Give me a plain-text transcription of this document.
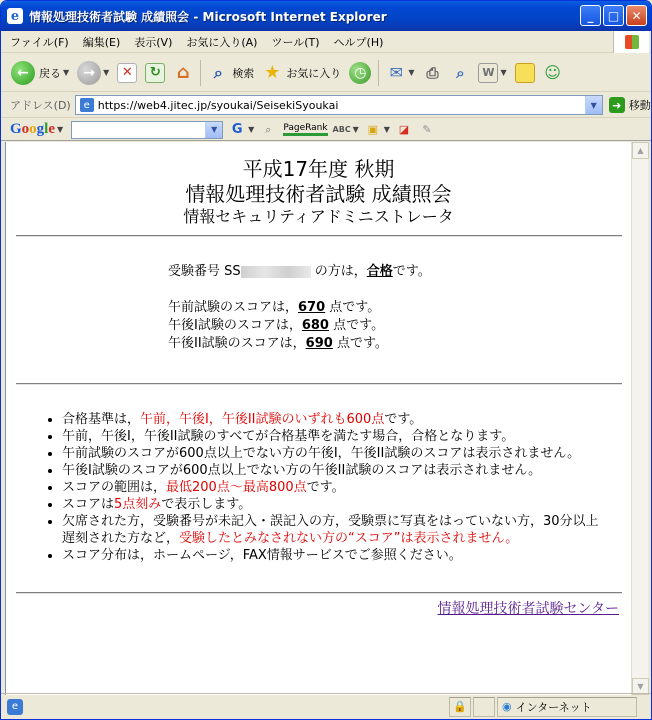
e 情報処理技術者試験 成績照会 - Microsoft Internet Explorer	_	□	✕
ファイル(F)	編集(E)	表示(V)	お気に入り(A)	ツール(T)	ヘルプ(H)
← 戻る ▼	→	▼ ✕	↻ ⌂	⌕ 検索 ★ お気に入り ◷	✉ ▼ ⎙	⌕	W ▼ ☺
アドレス(D)	e https://web4.jitec.jp/syoukai/SeisekiSyoukai	▼	➜ 移動
Google ▼	▼	G ▼ ⌕	PageRank ABC ▼ ▣ ▼ ◪	✎
平成17年度 秋期
情報処理技術者試験 成績照会
情報セキュリティアドミニストレータ
受験番号 SS	の方は，合格です。
午前試験のスコアは，670 点です。
午後I試験のスコアは，680 点です。
午後II試験のスコアは，690 点です。
• 合格基準は，午前，午後I，午後II試験のいずれも600点です。
• 午前，午後I，午後II試験のすべてが合格基準を満たす場合，合格となります。
• 午前試験のスコアが600点以上でない方の午後I，午後II試験のスコアは表示されません。
• 午後I試験のスコアが600点以上でない方の午後II試験のスコアは表示されません。
• スコアの範囲は，最低200点～最高800点です。
• スコアは5点刻みで表示します。
• 欠席された方，受験番号が未記入・誤記入の方，受験票に写真をはっていない方，30分以上遅刻された方など，受験したとみなされない方の“スコア”は表示されません。
• スコア分布は，ホームページ，FAX情報サービスでご参照ください。
情報処理技術者試験センター
▲
▼
e	🔒	◉ インターネット
